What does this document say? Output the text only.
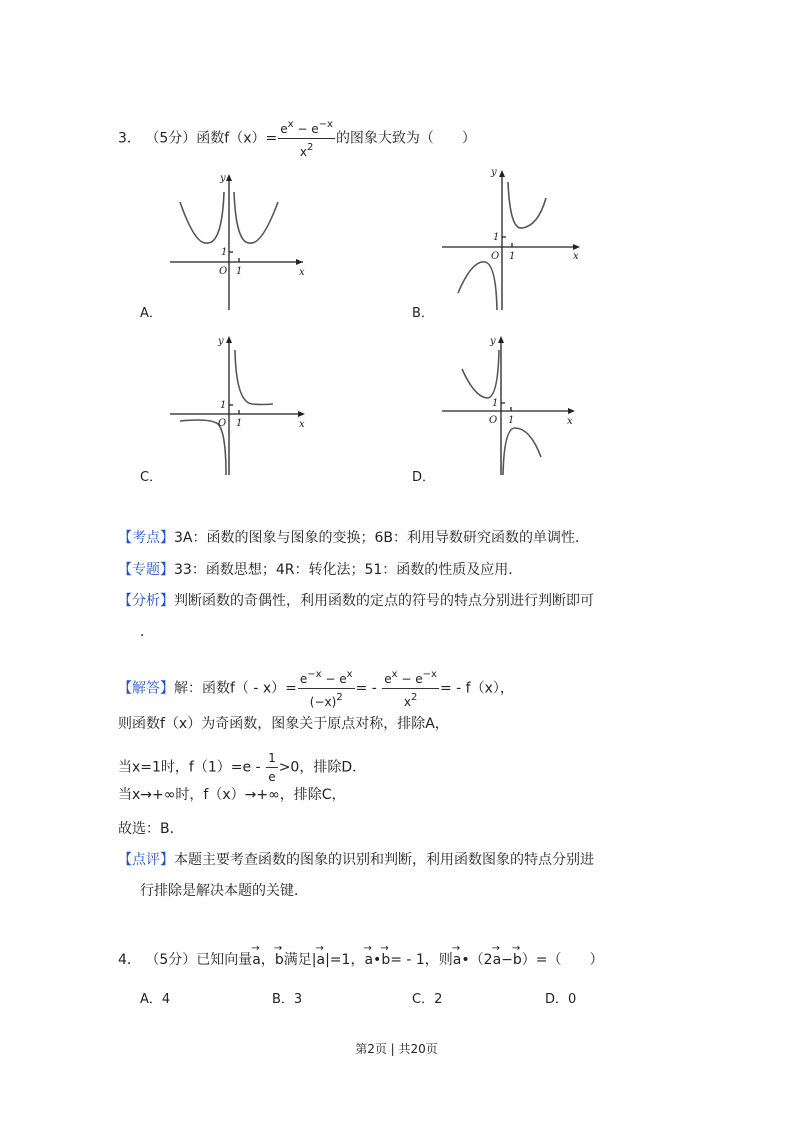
3． （5分）函数$f(x)= \frac{e^x - e^{-x}}{x^2}$ 的图象大致为（　　）
y
x
O
1
1
A．
y
x
O
1
1
B．
y
x
O
1
1
C．
y
x
O
1
1
D．
【考点】3A：函数的图象与图象的变换；6B：利用导数研究函数的单调性．
【专题】33：函数思想；4R：转化法；51：函数的性质及应用．
【分析】判断函数的奇偶性，利用函数的定点的符号的特点分别进行判断即可
．
【解答】解：函数$f( - x)= \frac{e^{-x} - e^x}{(-x)^2}$ = - $\frac{e^x - e^{-x}}{x^2}$ = - f（x），
则函数f（x）为奇函数，图象关于原点对称，排除A，
当x=1时，$f(1)=e - \frac{1}{e} >0$，排除D．
当x→+∞时，f（x）→+∞，排除C，
故选：B．
【点评】本题主要考查函数的图象的识别和判断，利用函数图象的特点分别进
行排除是解决本题的关键．
4． （5分）已知向量→ a，→ b满足|→ a|=1，→ a•→ b= - 1，则→ a•（2→ a−→ b）=（　　）
A．4	B．3	C．2	D．0
第2页 | 共20页
